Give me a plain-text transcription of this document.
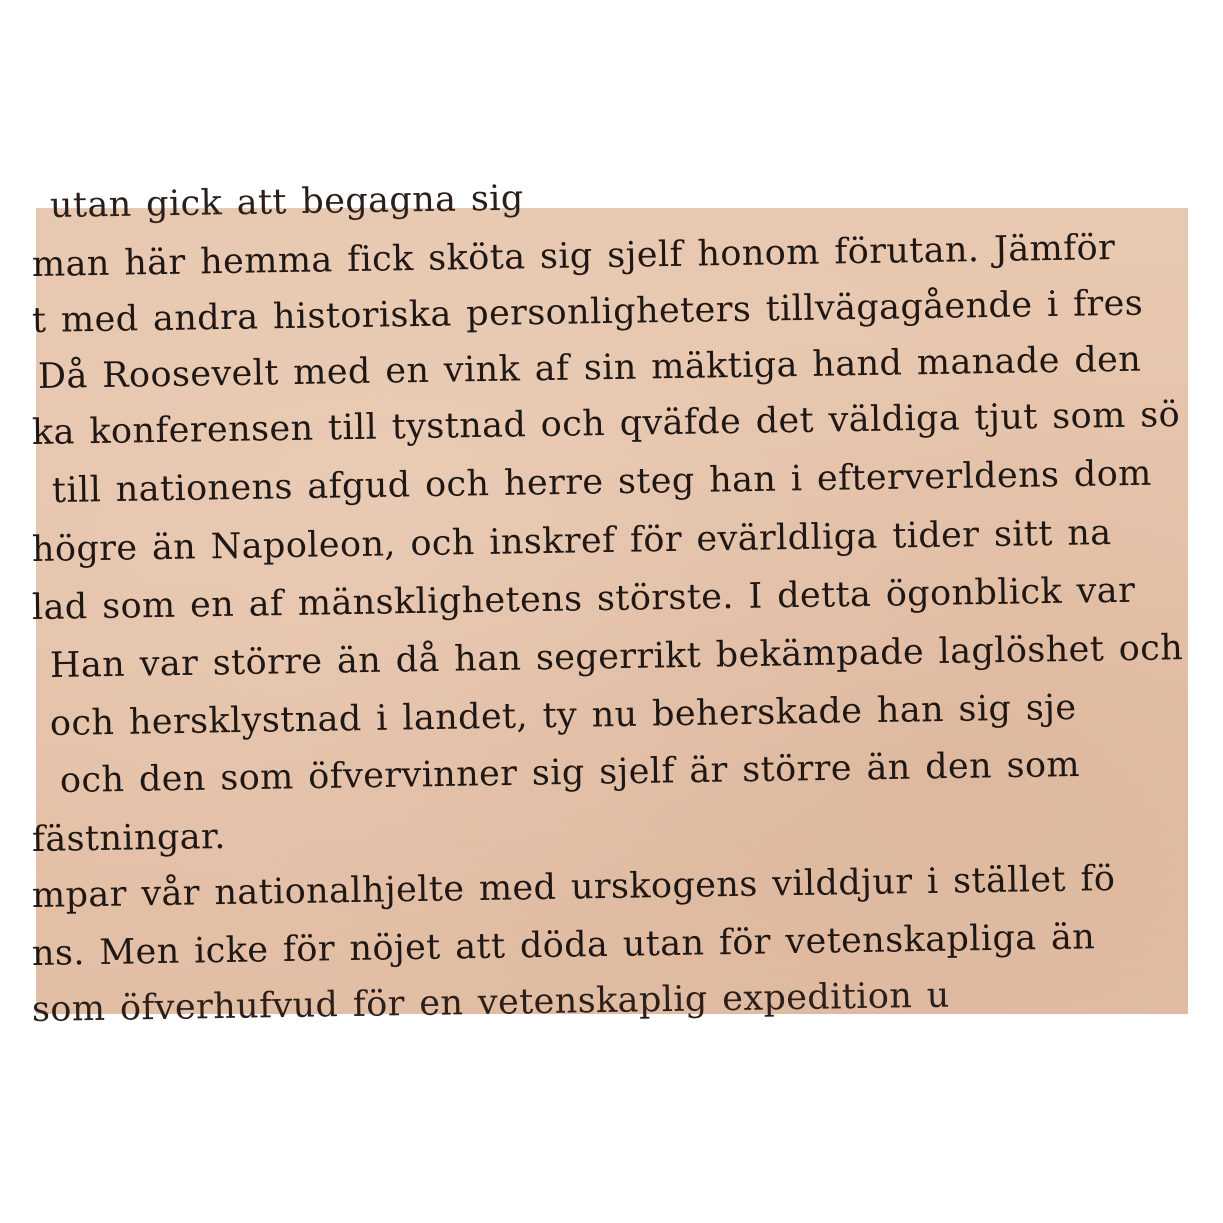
utan gick att begagna sig
man här hemma fick sköta sig sjelf honom förutan. Jämför
t med andra historiska personligheters tillvägagående i fres
Då Roosevelt med en vink af sin mäktiga hand manade den
ka konferensen till tystnad och qväfde det väldiga tjut som sö
till nationens afgud och herre steg han i efterverldens dom
högre än Napoleon, och inskref för evärldliga tider sitt na
lad som en af mänsklighetens störste. I detta ögonblick var
Han var större än då han segerrikt bekämpade laglöshet och
och hersklystnad i landet, ty nu beherskade han sig sje
och den som öfvervinner sig sjelf är större än den som
fästningar.
mpar vår nationalhjelte med urskogens vilddjur i stället fö
ns. Men icke för nöjet att döda utan för vetenskapliga än
som öfverhufvud för en vetenskaplig expedition u
